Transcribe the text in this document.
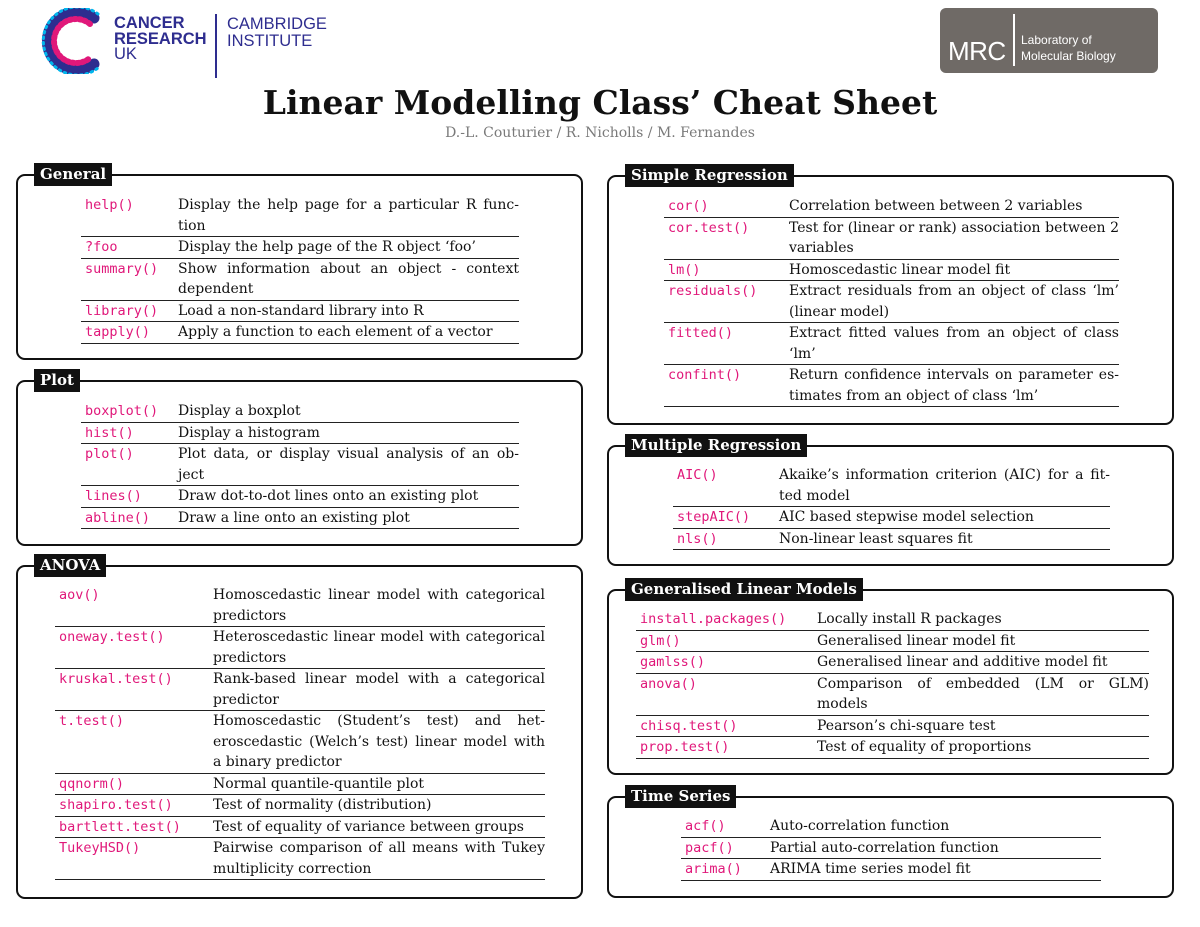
CANCER
RESEARCH
UK
CAMBRIDGE
INSTITUTE	MRC Laboratory of
Molecular Biology
Linear Modelling Class’ Cheat Sheet
D.-L. Couturier / R. Nicholls / M. Fernandes
General
help()	Display the help page for a particular R func-tion
?foo	Display the help page of the R object ‘foo’
summary()	Show information about an object - context dependent
library()	Load a non-standard library into R
tapply()	Apply a function to each element of a vector
Plot
boxplot()	Display a boxplot
hist()	Display a histogram
plot()	Plot data, or display visual analysis of an ob-ject
lines()	Draw dot-to-dot lines onto an existing plot
abline()	Draw a line onto an existing plot
ANOVA
aov()	Homoscedastic linear model with categorical predictors
oneway.test()	Heteroscedastic linear model with categorical predictors
kruskal.test()	Rank-based linear model with a categorical predictor
t.test()	Homoscedastic (Student’s test) and het-eroscedastic (Welch’s test) linear model with a binary predictor
qqnorm()	Normal quantile-quantile plot
shapiro.test()	Test of normality (distribution)
bartlett.test()	Test of equality of variance between groups
TukeyHSD()	Pairwise comparison of all means with Tukey multiplicity correction
Simple Regression
cor()	Correlation between between 2 variables
cor.test()	Test for (linear or rank) association between 2 variables
lm()	Homoscedastic linear model fit
residuals()	Extract residuals from an object of class ‘lm’ (linear model)
fitted()	Extract fitted values from an object of class ‘lm’
confint()	Return confidence intervals on parameter es-timates from an object of class ‘lm’
Multiple Regression
AIC()	Akaike’s information criterion (AIC) for a fit-ted model
stepAIC()	AIC based stepwise model selection
nls()	Non-linear least squares fit
Generalised Linear Models
install.packages()	Locally install R packages
glm()	Generalised linear model fit
gamlss()	Generalised linear and additive model fit
anova()	Comparison of embedded (LM or GLM) models
chisq.test()	Pearson’s chi-square test
prop.test()	Test of equality of proportions
Time Series
acf()	Auto-correlation function
pacf()	Partial auto-correlation function
arima()	ARIMA time series model fit
